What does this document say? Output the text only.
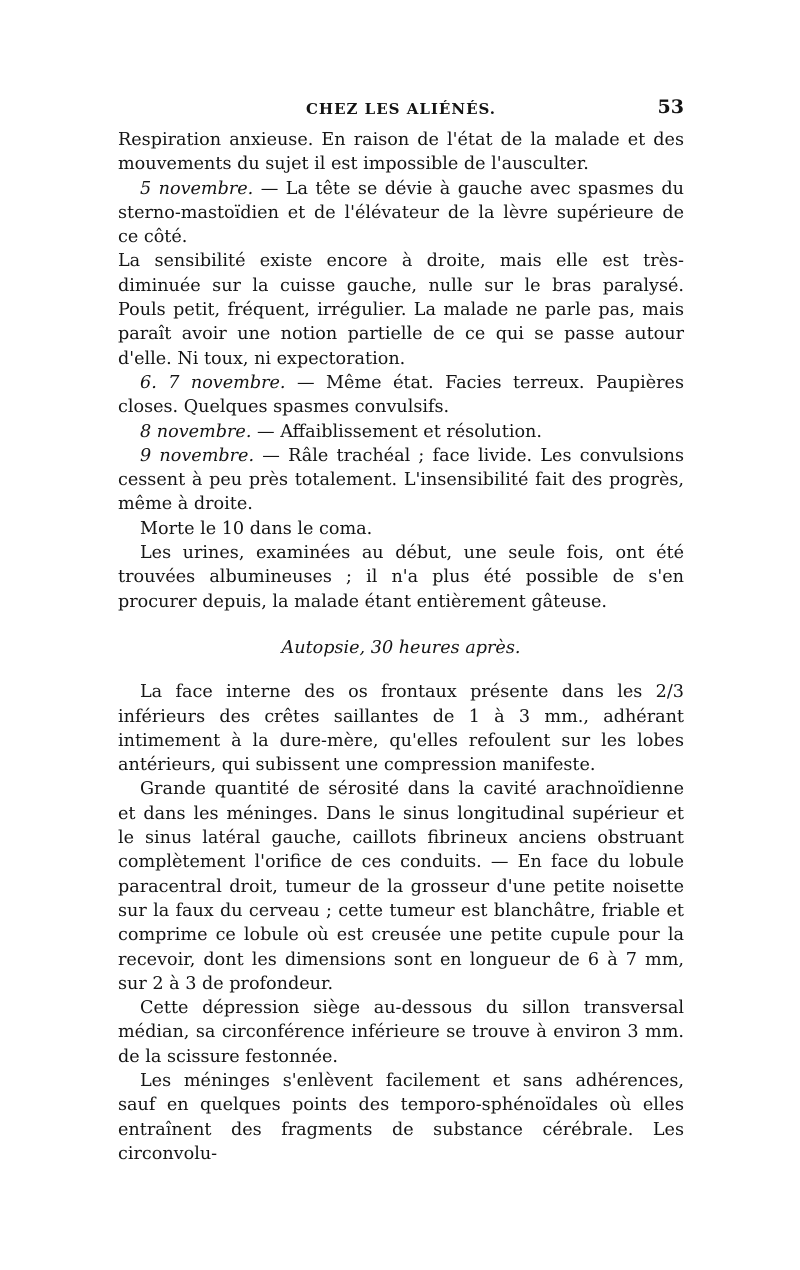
CHEZ LES ALIÉNÉS.	53

Respiration anxieuse. En raison de l'état de la malade et des mouvements du sujet il est impossible de l'ausculter.

5 novembre. — La tête se dévie à gauche avec spasmes du sterno-mastoïdien et de l'élévateur de la lèvre supérieure de ce côté.

La sensibilité existe encore à droite, mais elle est très-diminuée sur la cuisse gauche, nulle sur le bras paralysé. Pouls petit, fréquent, irrégulier. La malade ne parle pas, mais paraît avoir une notion partielle de ce qui se passe autour d'elle. Ni toux, ni expectoration.

6. 7 novembre. — Même état. Facies terreux. Paupières closes. Quelques spasmes convulsifs.

8 novembre. — Affaiblissement et résolution.

9 novembre. — Râle trachéal ; face livide. Les convulsions cessent à peu près totalement. L'insensibilité fait des progrès, même à droite.

Morte le 10 dans le coma.

Les urines, examinées au début, une seule fois, ont été trouvées albumineuses ; il n'a plus été possible de s'en procurer depuis, la malade étant entièrement gâteuse.

Autopsie, 30 heures après.

La face interne des os frontaux présente dans les 2/3 inférieurs des crêtes saillantes de 1 à 3 mm., adhérant intimement à la dure-mère, qu'elles refoulent sur les lobes antérieurs, qui subissent une compression manifeste.

Grande quantité de sérosité dans la cavité arachnoïdienne et dans les méninges. Dans le sinus longitudinal supérieur et le sinus latéral gauche, caillots fibrineux anciens obstruant complètement l'orifice de ces conduits. — En face du lobule paracentral droit, tumeur de la grosseur d'une petite noisette sur la faux du cerveau ; cette tumeur est blanchâtre, friable et comprime ce lobule où est creusée une petite cupule pour la recevoir, dont les dimensions sont en longueur de 6 à 7 mm, sur 2 à 3 de profondeur.

Cette dépression siège au-dessous du sillon transversal médian, sa circonférence inférieure se trouve à environ 3 mm. de la scissure festonnée.

Les méninges s'enlèvent facilement et sans adhérences, sauf en quelques points des temporo-sphénoïdales où elles entraînent des fragments de substance cérébrale. Les circonvolu-
